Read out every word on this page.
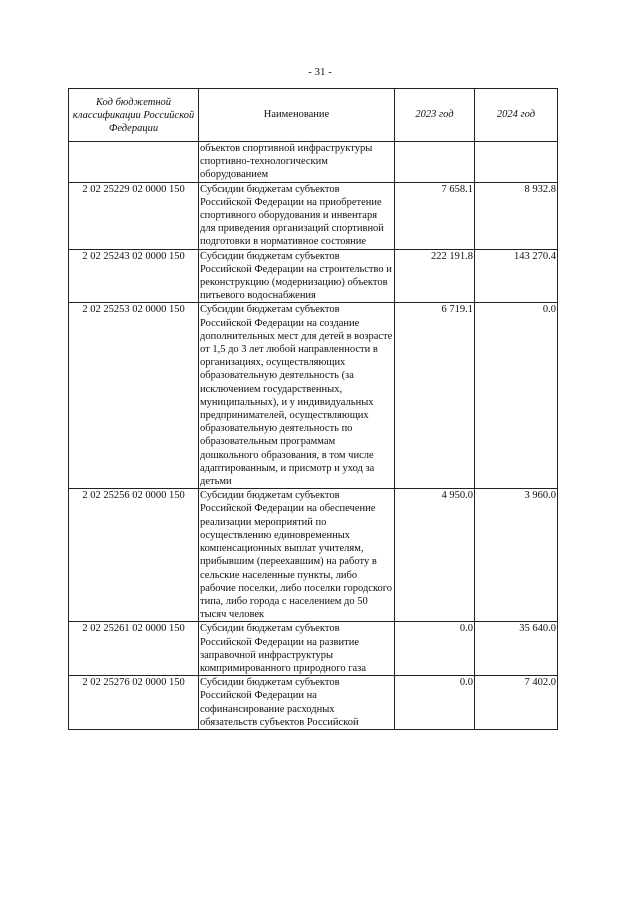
- 31 -
Код бюджетной классификации Российской Федерации	Наименование	2023 год	2024 год
	объектов спортивной инфраструктуры спортивно-технологическим оборудованием		
2 02 25229 02 0000 150	Субсидии бюджетам субъектов Российской Федерации на приобретение спортивного оборудования и инвентаря для приведения организаций спортивной подготовки в нормативное состояние	7 658.1	8 932.8
2 02 25243 02 0000 150	Субсидии бюджетам субъектов Российской Федерации на строительство и реконструкцию (модернизацию) объектов питьевого водоснабжения	222 191.8	143 270.4
2 02 25253 02 0000 150	Субсидии бюджетам субъектов Российской Федерации на создание дополнительных мест для детей в возрасте от 1,5 до 3 лет любой направленности в организациях, осуществляющих образовательную деятельность (за исключением государственных, муниципальных), и у индивидуальных предпринимателей, осуществляющих образовательную деятельность по образовательным программам дошкольного образования, в том числе адаптированным, и присмотр и уход за детьми	6 719.1	0.0
2 02 25256 02 0000 150	Субсидии бюджетам субъектов Российской Федерации на обеспечение реализации мероприятий по осуществлению единовременных компенсационных выплат учителям, прибывшим (переехавшим) на работу в сельские населенные пункты, либо рабочие поселки, либо поселки городского типа, либо города с населением до 50 тысяч человек	4 950.0	3 960.0
2 02 25261 02 0000 150	Субсидии бюджетам субъектов Российской Федерации на развитие заправочной инфраструктуры компримированного природного газа	0.0	35 640.0
2 02 25276 02 0000 150	Субсидии бюджетам субъектов Российской Федерации на софинансирование расходных обязательств субъектов Российской	0.0	7 402.0
